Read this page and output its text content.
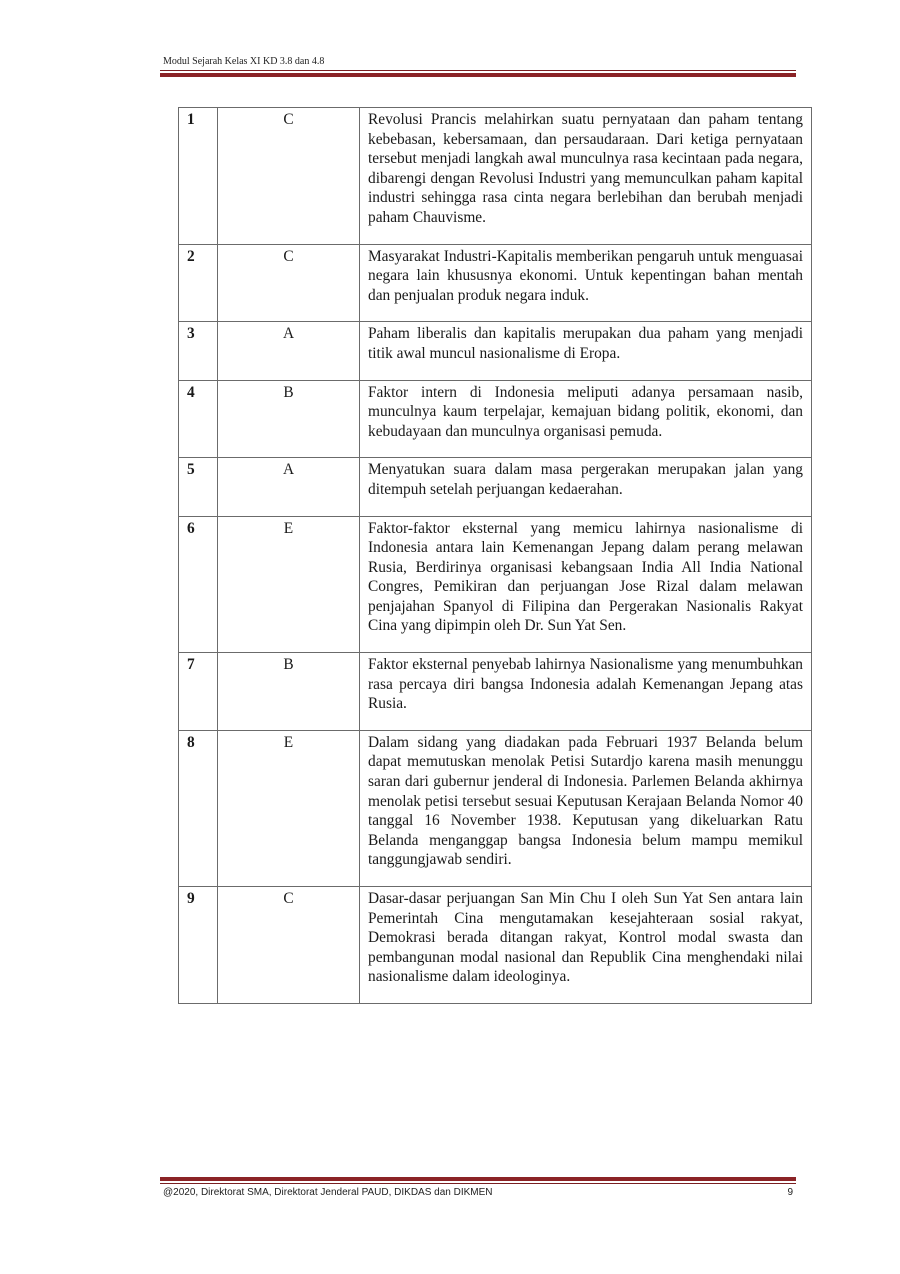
Modul Sejarah Kelas XI KD 3.8 dan 4.8
1	C	Revolusi Prancis melahirkan suatu pernyataan dan paham tentang kebebasan, kebersamaan, dan persaudaraan. Dari ketiga pernyataan tersebut menjadi langkah awal munculnya rasa kecintaan pada negara, dibarengi dengan Revolusi Industri yang memunculkan paham kapital industri sehingga rasa cinta negara berlebihan dan berubah menjadi paham Chauvisme.
2	C	Masyarakat Industri-Kapitalis memberikan pengaruh untuk menguasai negara lain khususnya ekonomi. Untuk kepentingan bahan mentah dan penjualan produk negara induk.
3	A	Paham liberalis dan kapitalis merupakan dua paham yang menjadi titik awal muncul nasionalisme di Eropa.
4	B	Faktor intern di Indonesia meliputi adanya persamaan nasib, munculnya kaum terpelajar, kemajuan bidang politik, ekonomi, dan kebudayaan dan munculnya organisasi pemuda.
5	A	Menyatukan suara dalam masa pergerakan merupakan jalan yang ditempuh setelah perjuangan kedaerahan.
6	E	Faktor-faktor eksternal yang memicu lahirnya nasionalisme di Indonesia antara lain Kemenangan Jepang dalam perang melawan Rusia, Berdirinya organisasi kebangsaan India All India National Congres, Pemikiran dan perjuangan Jose Rizal dalam melawan penjajahan Spanyol di Filipina dan Pergerakan Nasionalis Rakyat Cina yang dipimpin oleh Dr. Sun Yat Sen.
7	B	Faktor eksternal penyebab lahirnya Nasionalisme yang menumbuhkan rasa percaya diri bangsa Indonesia adalah Kemenangan Jepang atas Rusia.
8	E	Dalam sidang yang diadakan pada Februari 1937 Belanda belum dapat memutuskan menolak Petisi Sutardjo karena masih menunggu saran dari gubernur jenderal di Indonesia. Parlemen Belanda akhirnya menolak petisi tersebut sesuai Keputusan Kerajaan Belanda Nomor 40 tanggal 16 November 1938. Keputusan yang dikeluarkan Ratu Belanda menganggap bangsa Indonesia belum mampu memikul tanggungjawab sendiri.
9	C	Dasar-dasar perjuangan San Min Chu I oleh Sun Yat Sen antara lain Pemerintah Cina mengutamakan kesejahteraan sosial rakyat, Demokrasi berada ditangan rakyat, Kontrol modal swasta dan pembangunan modal nasional dan Republik Cina menghendaki nilai nasionalisme dalam ideologinya.
@2020, Direktorat SMA, Direktorat Jenderal PAUD, DIKDAS dan DIKMEN	9
